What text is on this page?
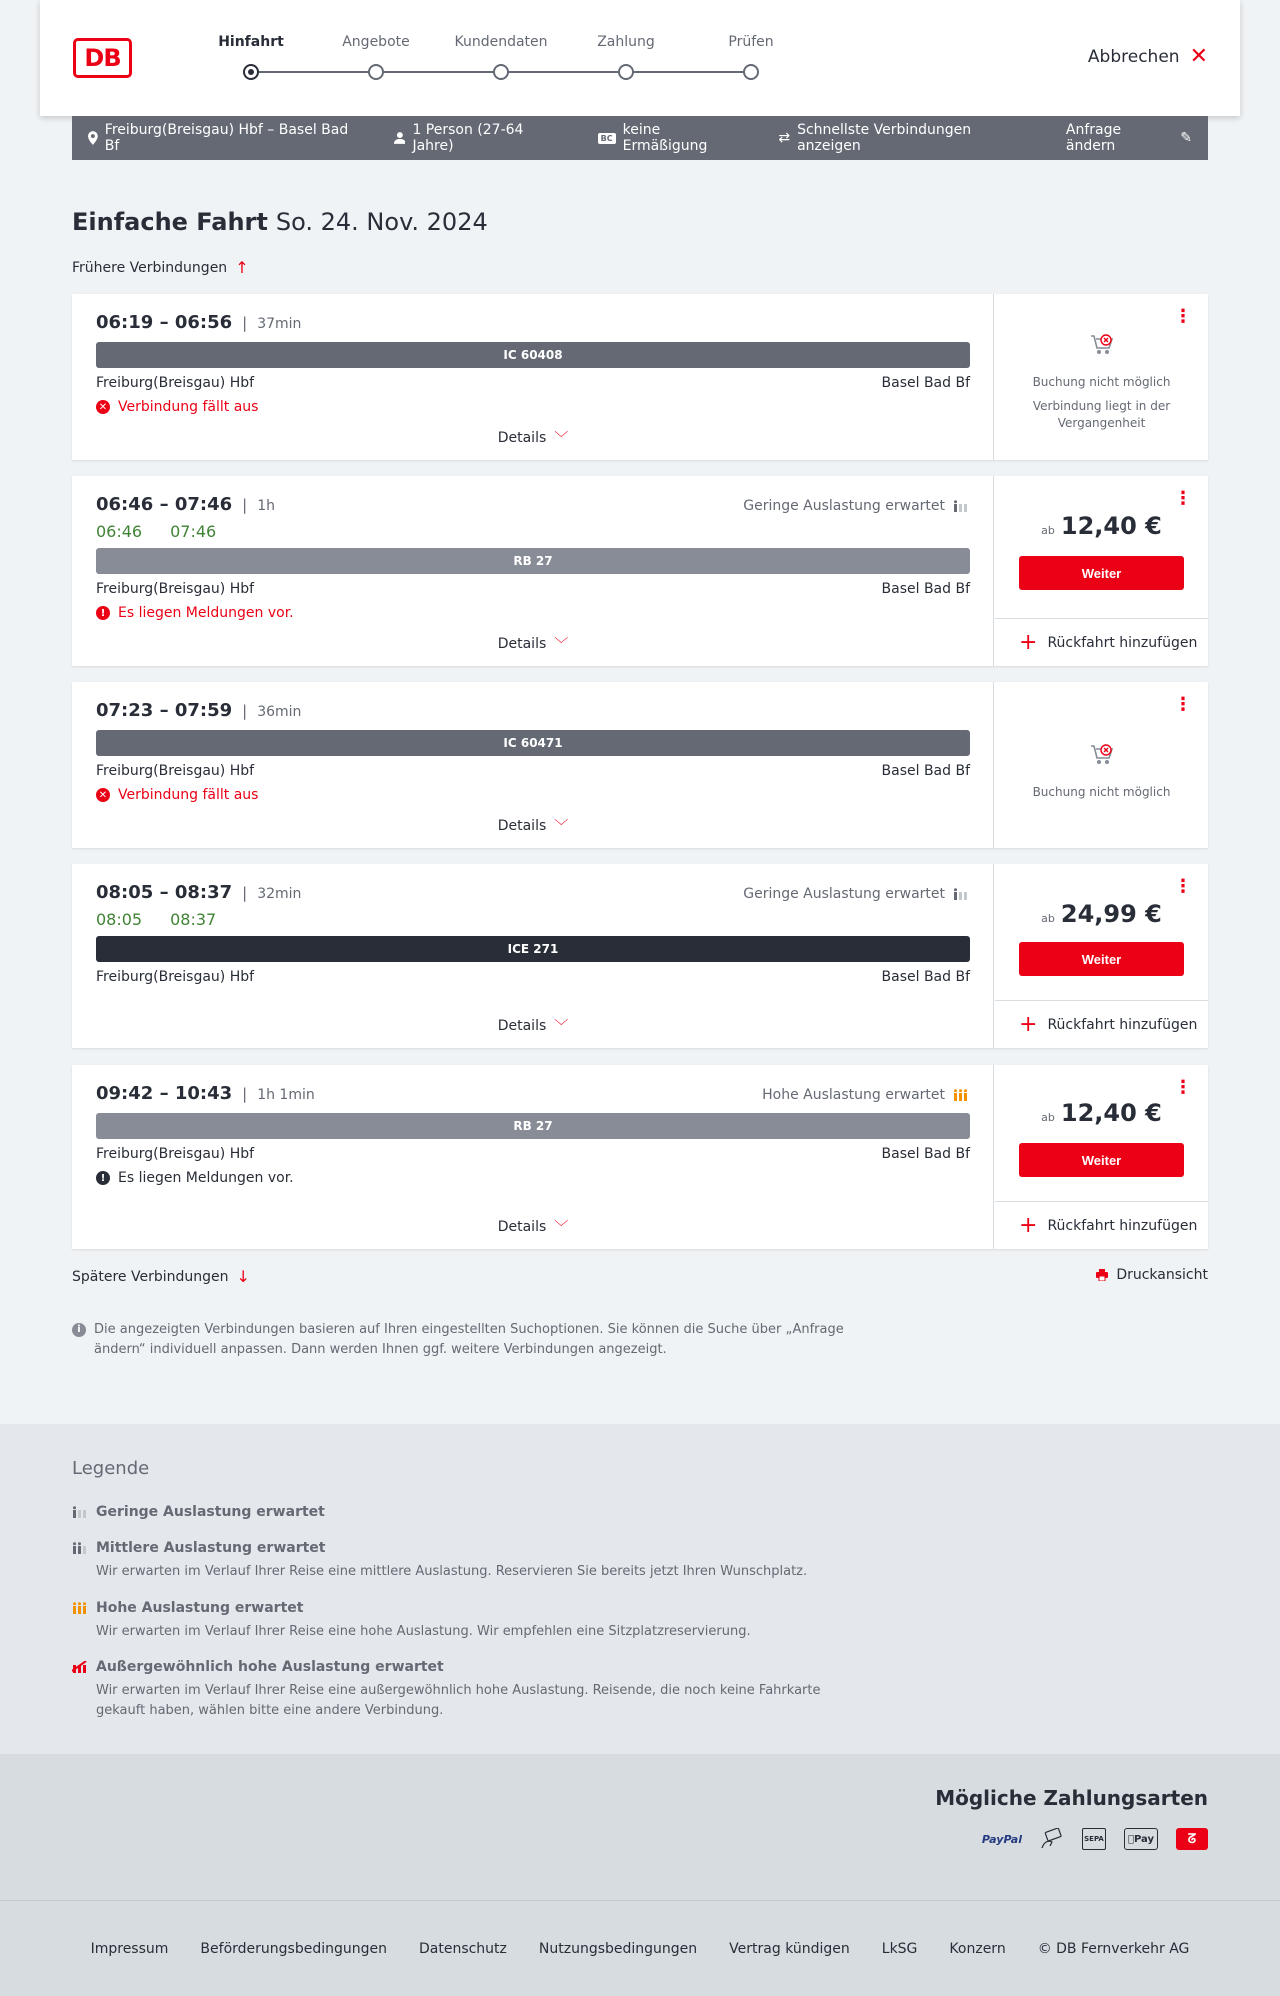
DB
Hinfahrt	Angebote	Kundendaten	Zahlung	Prüfen
Abbrechen ✕
Freiburg(Breisgau) Hbf – Basel Bad Bf
1 Person (27-64 Jahre)	BC keine Ermäßigung	⇄ Schnellste Verbindungen anzeigen
Anfrage ändern	✎
Einfache Fahrt So. 24. Nov. 2024
Frühere Verbindungen ↑
06:19 – 06:56 | 37min
IC 60408
Freiburg(Breisgau) Hbf	Basel Bad Bf
✕ Verbindung fällt aus
Details ﹀
⋮
Buchung nicht möglich
Verbindung liegt in der Vergangenheit
06:46 – 07:46 | 1h	Geringe Auslastung erwartet
06:46 07:46
RB 27
Freiburg(Breisgau) Hbf	Basel Bad Bf
! Es liegen Meldungen vor.
Details ﹀
⋮
ab 12,40 €
Weiter
+ Rückfahrt hinzufügen
07:23 – 07:59 | 36min
IC 60471
Freiburg(Breisgau) Hbf	Basel Bad Bf
✕ Verbindung fällt aus
Details ﹀
⋮
Buchung nicht möglich
08:05 – 08:37 | 32min	Geringe Auslastung erwartet
08:05 08:37
ICE 271
Freiburg(Breisgau) Hbf	Basel Bad Bf
Details ﹀
⋮
ab 24,99 €
Weiter
+ Rückfahrt hinzufügen
09:42 – 10:43 | 1h 1min	Hohe Auslastung erwartet
RB 27
Freiburg(Breisgau) Hbf	Basel Bad Bf
! Es liegen Meldungen vor.
Details ﹀
⋮
ab 12,40 €
Weiter
+ Rückfahrt hinzufügen
Spätere Verbindungen ↓	Druckansicht
i	Die angezeigten Verbindungen basieren auf Ihren eingestellten Suchoptionen. Sie können die Suche über „Anfrage ändern“ individuell anpassen. Dann werden Ihnen ggf. weitere Verbindungen angezeigt.
Legende
Geringe Auslastung erwartet
Mittlere Auslastung erwartet
Wir erwarten im Verlauf Ihrer Reise eine mittlere Auslastung. Reservieren Sie bereits jetzt Ihren Wunschplatz.
Hohe Auslastung erwartet
Wir erwarten im Verlauf Ihrer Reise eine hohe Auslastung. Wir empfehlen eine Sitzplatzreservierung.
Außergewöhnlich hohe Auslastung erwartet
Wir erwarten im Verlauf Ihrer Reise eine außergewöhnlich hohe Auslastung. Reisende, die noch keine Fahrkarte gekauft haben, wählen bitte eine andere Verbindung.
Mögliche Zahlungsarten
PayPal	SEPA	Pay	ᘔ
Impressum Beförderungsbedingungen Datenschutz Nutzungsbedingungen Vertrag kündigen LkSG Konzern © DB Fernverkehr AG
